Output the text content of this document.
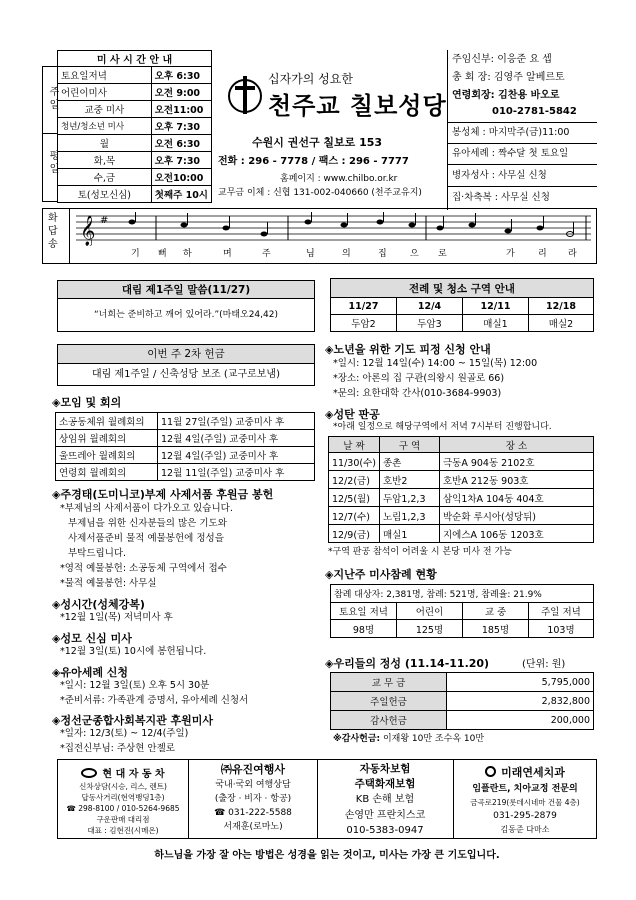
미 사 시 간 안 내
토요일저녁	오후 6:30
어린이미사	오전 9:00
교중 미사	오전11:00
청년/청소년 미사	오후 7:30
월	오전 6:30
화,목	오후 7:30
수,금	오전10:00
토(성모신심)	첫째주 10시
주 일
평 일
십자가의 성요한
천주교 칠보성당
수원시 권선구 칠보로 153
전화 : 296 - 7778 / 팩스 : 296 - 7777
홈페이지 : www.chilbo.or.kr
교무금 이체 : 신협 131-002-040660 (천주교유지)
주임신부: 이응준 요 셉
총 회 장: 김영주 알베르토
연령회장: 김찬용 바오로
010-2781-5842
봉성체 : 마지막주(금)11:00
유아세례 : 짝수달 첫 토요일
병자성사 : 사무실 신청
집·차축복 : 사무실 신청
화 답 송 𝄞 #
기 뻐 하	며	주	님	의	집	으 로	가	리 라
대림 제1주일 말씀(11/27)
“너희는 준비하고 깨어 있어라.”(마태오24,42)
이번 주 2차 헌금
대림 제1주일 / 신축성당 보조 (교구로보냄)
◈모임 및 회의
소공동체위 월례회의	11월 27일(주일) 교중미사 후
상임위 월례회의	12월 4일(주일) 교중미사 후
울뜨레아 월례회의	12월 4일(주일) 교중미사 후
연령회 월례회의	12월 11일(주일) 교중미사 후
◈주경태(도미니코)부제 사제서품 후원금 봉헌
*부제님의 사제서품이 다가오고 있습니다.
부제님을 위한 신자분들의 많은 기도와
사제서품준비 물적 예물봉헌에 정성을
부탁드립니다.
*영적 예물봉헌: 소공동체 구역에서 접수
*물적 예물봉헌: 사무실
◈성시간(성체강복)
*12월 1일(목) 저녁미사 후
◈성모 신심 미사
*12월 3일(토) 10시에 봉헌됩니다.
◈유아세례 신청
*일시: 12월 3일(토) 오후 5시 30분
*준비서류: 가족관계 증명서, 유아세례 신청서
◈정선군종합사회복지관 후원미사
*일자: 12/3(토) ~ 12/4(주일)
*집전신부님: 주상현 안젤로
전례 및 청소 구역 안내			
11/27	12/4	12/11	12/18
두암2	두암3	매실1	매실2
◈노년을 위한 기도 피정 신청 안내
*일시: 12월 14일(수) 14:00 ~ 15일(목) 12:00
*장소: 아론의 집 구관(의왕시 원골로 66)
*문의: 요한대학 간사(010-3684-9903)
◈성탄 판공
*아래 일정으로 해당구역에서 저녁 7시부터 진행합니다.
날 짜	구 역	장 소
11/30(수)	종촌	극동A 904동 2102호
12/2(금)	호반2	호반A 212동 903호
12/5(월)	두암1,2,3	삼익1차A 104동 404호
12/7(수)	노림1,2,3	박순화 루시아(성당뒤)
12/9(금)	매실1	지에스A 106동 1203호
*구역 판공 참석이 어려울 시 본당 미사 전 가능
◈지난주 미사참례 현황
참례 대상자: 2,381명, 참례: 521명, 참례율: 21.9%			
토요일 저녁	어린이	교 중	주일 저녁
98명	125명	185명	103명
◈우리들의 정성 (11.14-11.20)	(단위: 원)
교 무 금	5,795,000
주일헌금	2,832,800
감사헌금	200,000
※감사헌금: 이재왕 10만 조수옥 10만
현 대 자 동 차
신차상담(시승, 리스, 렌트)
답동사거리(현역뱅딩1층)
☎ 298-8100 / 010-5264-9685
구운판매 대리점
대표 : 김현진(시메온)
㈜유진여행사
국내·국외 여행상담
(출장 · 비자 · 항공)
☎ 031-222-5588
서재훈(로마노)
자동차보험
주택화재보험
KB 손해 보험
손영만 프란치스코
010-5383-0947
미래연세치과
임플란트, 치아교정 전문의
금곡로219(롯데시네마 건물 4층)
031-295-2879
김동준 다마소
하느님을 가장 잘 아는 방법은 성경을 읽는 것이고, 미사는 가장 큰 기도입니다.
